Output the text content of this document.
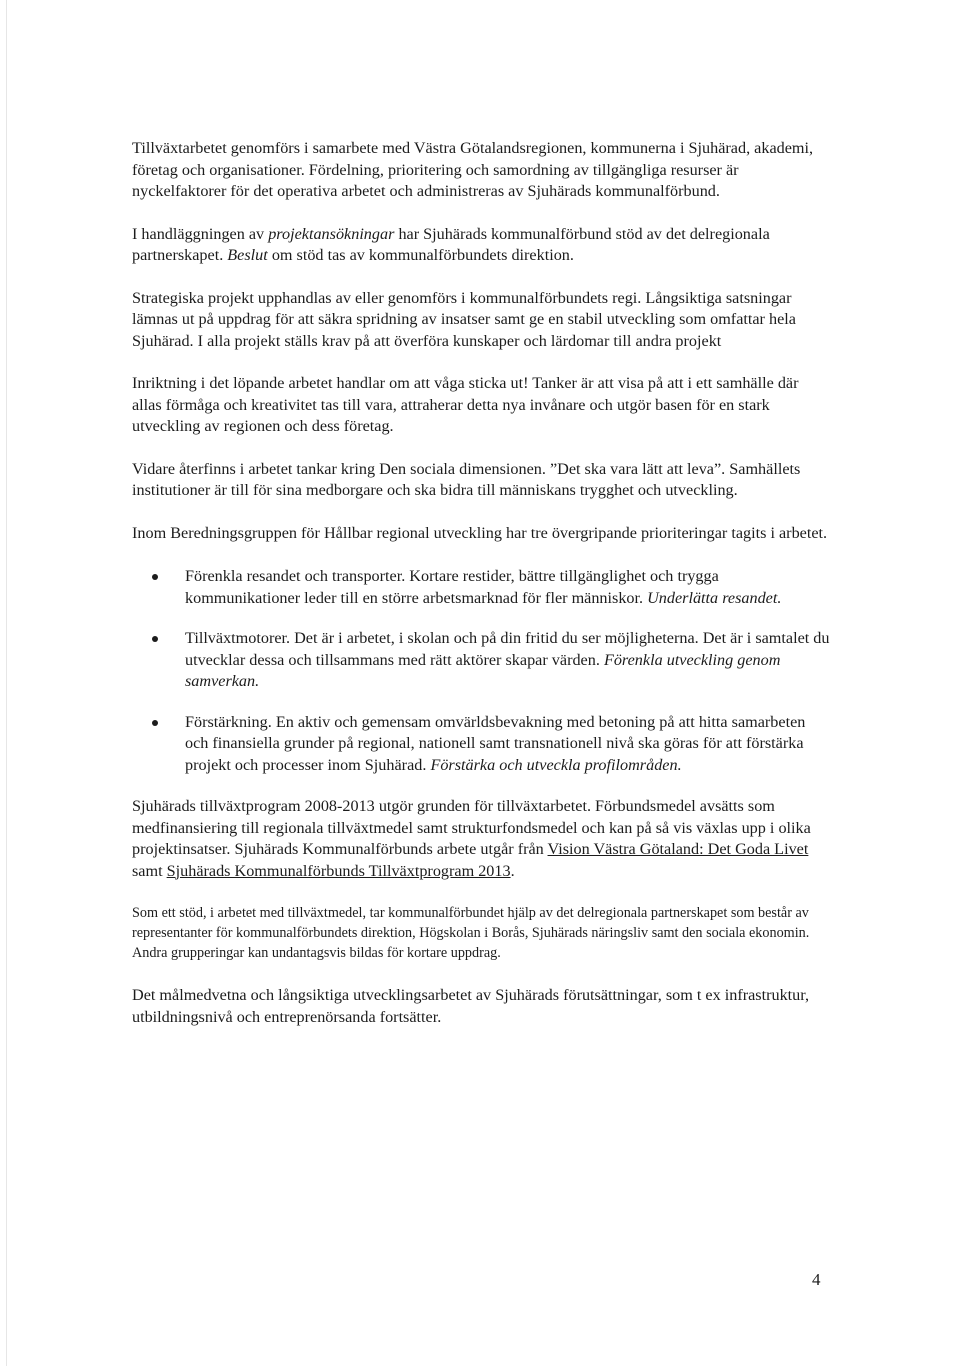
Tillväxtarbetet genomförs i samarbete med Västra Götalandsregionen, kommunerna i Sjuhärad, akademi, företag och organisationer. Fördelning, prioritering och samordning av tillgängliga resurser är nyckelfaktorer för det operativa arbetet och administreras av Sjuhärads kommunalförbund.

I handläggningen av projektansökningar har Sjuhärads kommunalförbund stöd av det delregionala partnerskapet. Beslut om stöd tas av kommunalförbundets direktion.

Strategiska projekt upphandlas av eller genomförs i kommunalförbundets regi. Långsiktiga satsningar lämnas ut på uppdrag för att säkra spridning av insatser samt ge en stabil utveckling som omfattar hela Sjuhärad. I alla projekt ställs krav på att överföra kunskaper och lärdomar till andra projekt

Inriktning i det löpande arbetet handlar om att våga sticka ut! Tanker är att visa på att i ett samhälle där allas förmåga och kreativitet tas till vara, attraherar detta nya invånare och utgör basen för en stark utveckling av regionen och dess företag.

Vidare återfinns i arbetet tankar kring Den sociala dimensionen. ”Det ska vara lätt att leva”. Samhällets institutioner är till för sina medborgare och ska bidra till människans trygghet och utveckling.

Inom Beredningsgruppen för Hållbar regional utveckling har tre övergripande prioriteringar tagits i arbetet.

Förenkla resandet och transporter. Kortare restider, bättre tillgänglighet och trygga kommunikationer leder till en större arbetsmarknad för fler människor. Underlätta resandet.
Tillväxtmotorer. Det är i arbetet, i skolan och på din fritid du ser möjligheterna. Det är i samtalet du utvecklar dessa och tillsammans med rätt aktörer skapar värden. Förenkla utveckling genom samverkan.
Förstärkning. En aktiv och gemensam omvärldsbevakning med betoning på att hitta samarbeten och finansiella grunder på regional, nationell samt transnationell nivå ska göras för att förstärka projekt och processer inom Sjuhärad. Förstärka och utveckla profilområden.

Sjuhärads tillväxtprogram 2008-2013 utgör grunden för tillväxtarbetet. Förbundsmedel avsätts som medfinansiering till regionala tillväxtmedel samt strukturfondsmedel och kan på så vis växlas upp i olika projektinsatser. Sjuhärads Kommunalförbunds arbete utgår från Vision Västra Götaland: Det Goda Livet samt Sjuhärads Kommunalförbunds Tillväxtprogram 2013.

Som ett stöd, i arbetet med tillväxtmedel, tar kommunalförbundet hjälp av det delregionala partnerskapet som består av representanter för kommunalförbundets direktion, Högskolan i Borås, Sjuhärads näringsliv samt den sociala ekonomin. Andra grupperingar kan undantagsvis bildas för kortare uppdrag.

Det målmedvetna och långsiktiga utvecklingsarbetet av Sjuhärads förutsättningar, som t ex infrastruktur, utbildningsnivå och entreprenörsanda fortsätter.

4
